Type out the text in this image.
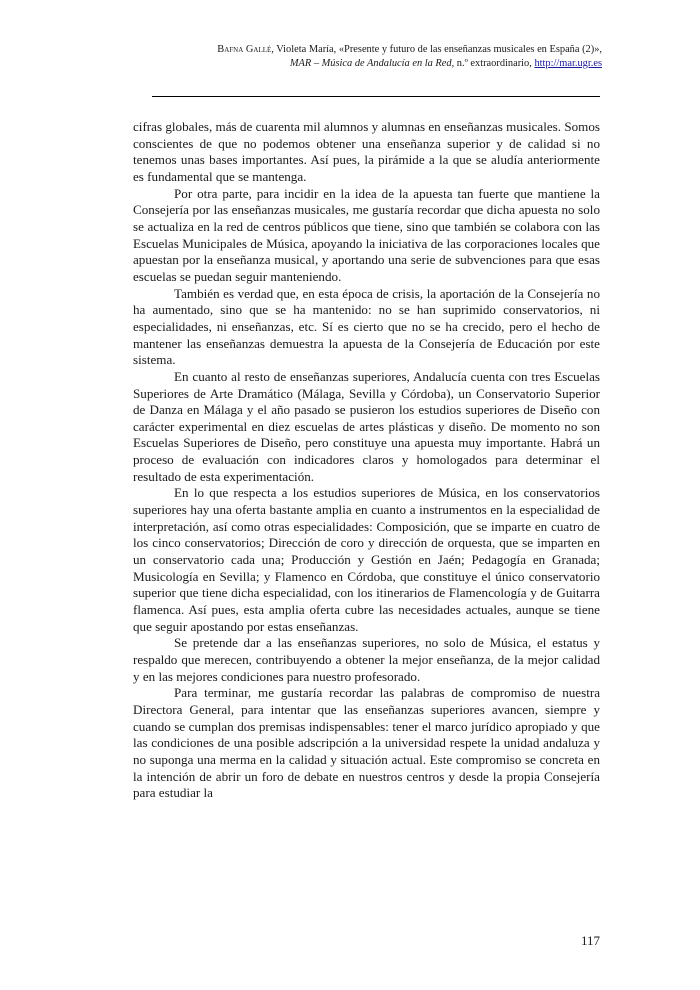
Bafna Gallé, Violeta María, «Presente y futuro de las enseñanzas musicales en España (2)»,
MAR – Música de Andalucía en la Red, n.º extraordinario, http://mar.ugr.es

cifras globales, más de cuarenta mil alumnos y alumnas en enseñanzas musicales. Somos conscientes de que no podemos obtener una enseñanza superior y de calidad si no tenemos unas bases importantes. Así pues, la pirámide a la que se aludía anteriormente es fundamental que se mantenga.

Por otra parte, para incidir en la idea de la apuesta tan fuerte que mantiene la Consejería por las enseñanzas musicales, me gustaría recordar que dicha apuesta no solo se actualiza en la red de centros públicos que tiene, sino que también se colabora con las Escuelas Municipales de Música, apoyando la iniciativa de las corporaciones locales que apuestan por la enseñanza musical, y aportando una serie de subvenciones para que esas escuelas se puedan seguir manteniendo.

También es verdad que, en esta época de crisis, la aportación de la Consejería no ha aumentado, sino que se ha mantenido: no se han suprimido conservatorios, ni especialidades, ni enseñanzas, etc. Sí es cierto que no se ha crecido, pero el hecho de mantener las enseñanzas demuestra la apuesta de la Consejería de Educación por este sistema.

En cuanto al resto de enseñanzas superiores, Andalucía cuenta con tres Escuelas Superiores de Arte Dramático (Málaga, Sevilla y Córdoba), un Conservatorio Superior de Danza en Málaga y el año pasado se pusieron los estudios superiores de Diseño con carácter experimental en diez escuelas de artes plásticas y diseño. De momento no son Escuelas Superiores de Diseño, pero constituye una apuesta muy importante. Habrá un proceso de evaluación con indicadores claros y homologados para determinar el resultado de esta experimentación.

En lo que respecta a los estudios superiores de Música, en los conservatorios superiores hay una oferta bastante amplia en cuanto a instrumentos en la especialidad de interpretación, así como otras especialidades: Composición, que se imparte en cuatro de los cinco conservatorios; Dirección de coro y dirección de orquesta, que se imparten en un conservatorio cada una; Producción y Gestión en Jaén; Pedagogía en Granada; Musicología en Sevilla; y Flamenco en Córdoba, que constituye el único conservatorio superior que tiene dicha especialidad, con los itinerarios de Flamencología y de Guitarra flamenca. Así pues, esta amplia oferta cubre las necesidades actuales, aunque se tiene que seguir apostando por estas enseñanzas.

Se pretende dar a las enseñanzas superiores, no solo de Música, el estatus y respaldo que merecen, contribuyendo a obtener la mejor enseñanza, de la mejor calidad y en las mejores condiciones para nuestro profesorado.

Para terminar, me gustaría recordar las palabras de compromiso de nuestra Directora General, para intentar que las enseñanzas superiores avancen, siempre y cuando se cumplan dos premisas indispensables: tener el marco jurídico apropiado y que las condiciones de una posible adscripción a la universidad respete la unidad andaluza y no suponga una merma en la calidad y situación actual. Este compromiso se concreta en la intención de abrir un foro de debate en nuestros centros y desde la propia Consejería para estudiar la

117
